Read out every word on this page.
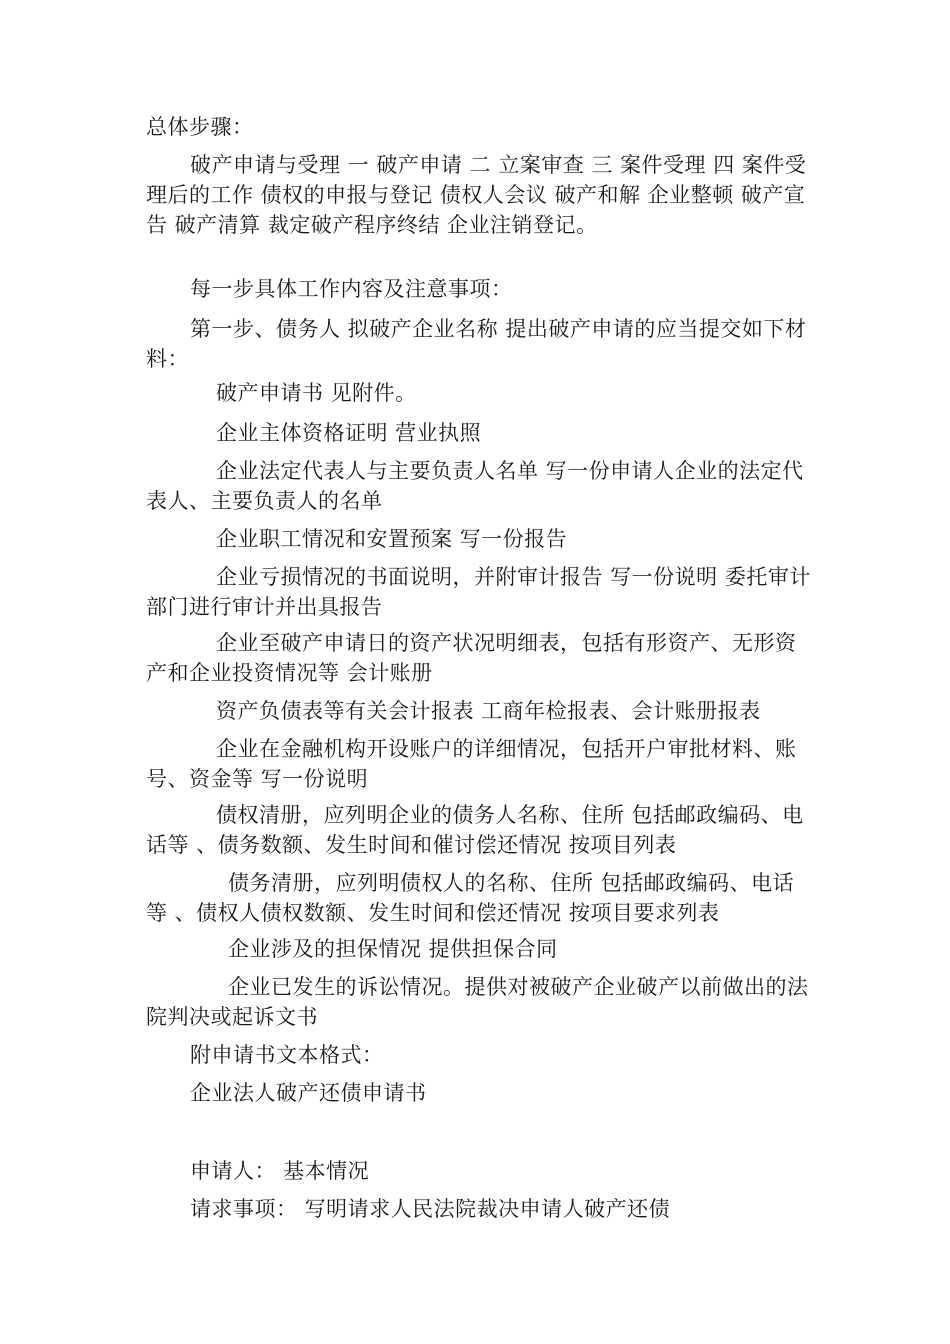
总体步骤：

破产申请与受理 一 破产申请 二 立案审查 三 案件受理 四 案件受理后的工作 债权的申报与登记 债权人会议 破产和解 企业整顿 破产宣告 破产清算 裁定破产程序终结 企业注销登记。

每一步具体工作内容及注意事项：

第一步、债务人 拟破产企业名称 提出破产申请的应当提交如下材料：

破产申请书 见附件。

企业主体资格证明 营业执照

企业法定代表人与主要负责人名单 写一份申请人企业的法定代表人、主要负责人的名单

企业职工情况和安置预案 写一份报告

企业亏损情况的书面说明，并附审计报告 写一份说明 委托审计部门进行审计并出具报告

企业至破产申请日的资产状况明细表，包括有形资产、无形资产和企业投资情况等 会计账册

资产负债表等有关会计报表 工商年检报表、会计账册报表

企业在金融机构开设账户的详细情况，包括开户审批材料、账号、资金等 写一份说明

债权清册，应列明企业的债务人名称、住所 包括邮政编码、电话等 、债务数额、发生时间和催讨偿还情况 按项目列表

债务清册，应列明债权人的名称、住所 包括邮政编码、电话等 、债权人债权数额、发生时间和偿还情况 按项目要求列表

企业涉及的担保情况 提供担保合同

企业已发生的诉讼情况。提供对被破产企业破产以前做出的法院判决或起诉文书

附申请书文本格式：

企业法人破产还债申请书

申请人： 基本情况

请求事项： 写明请求人民法院裁决申请人破产还债
